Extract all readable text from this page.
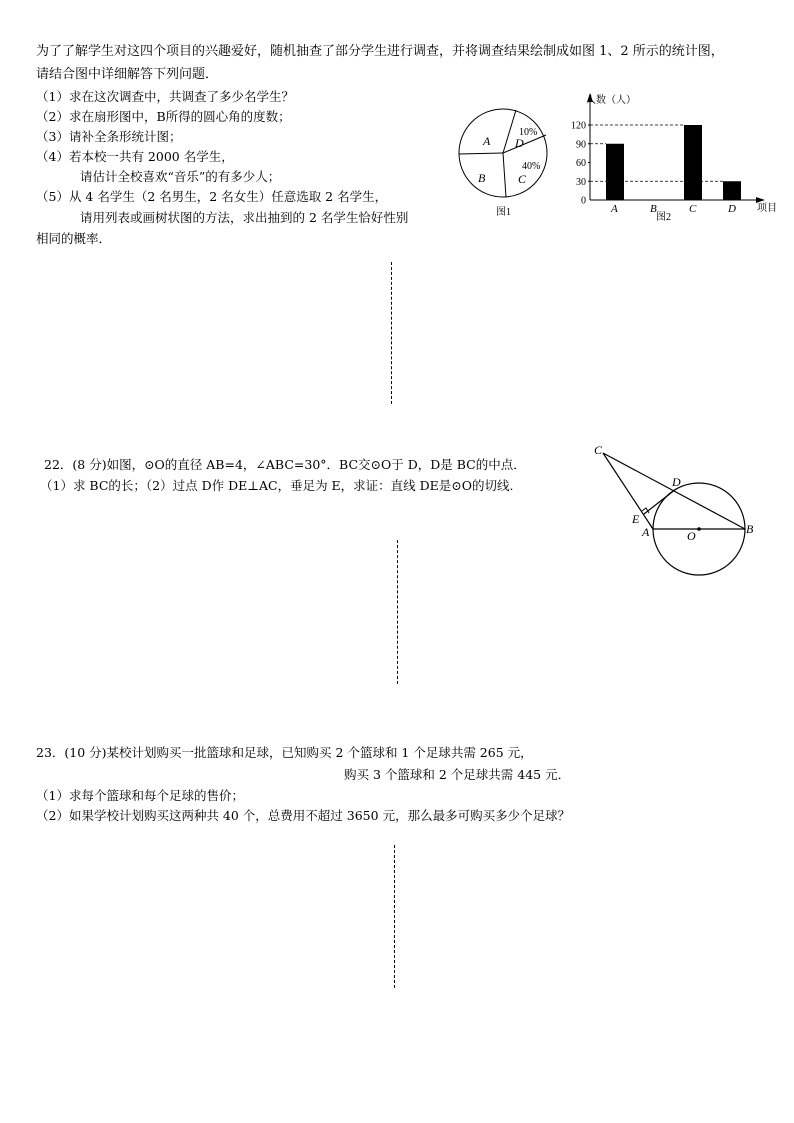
为了了解学生对这四个项目的兴趣爱好，随机抽查了部分学生进行调查，并将调查结果绘制成如图 1、2 所示的统计图，
请结合图中详细解答下列问题．
（1）求在这次调查中，共调查了多少名学生？
（2）求在扇形图中，B所得的圆心角的度数；
（3）请补全条形统计图；
（4）若本校一共有 2000 名学生，
请估计全校喜欢“音乐”的有多少人；
（5）从 4 名学生（2 名男生，2 名女生）任意选取 2 名学生，
请用列表或画树状图的方法，求出抽到的 2 名学生恰好性别
相同的概率．
A
B	C
D
10%
40%
图1
人数（人）
项目
图2
0
30
60
90
120
A	B	C	D
22．(8 分)如图，⊙O的直径 AB=4，∠ABC=30°．BC交⊙O于 D，D是 BC的中点．
（1）求 BC的长；（2）过点 D作 DE⊥AC，垂足为 E，求证：直线 DE是⊙O的切线．
C
D
E
A	O	B
23．(10 分)某校计划购买一批篮球和足球，已知购买 2 个篮球和 1 个足球共需 265 元，
购买 3 个篮球和 2 个足球共需 445 元．
（1）求每个篮球和每个足球的售价；
（2）如果学校计划购买这两种共 40 个，总费用不超过 3650 元，那么最多可购买多少个足球？
